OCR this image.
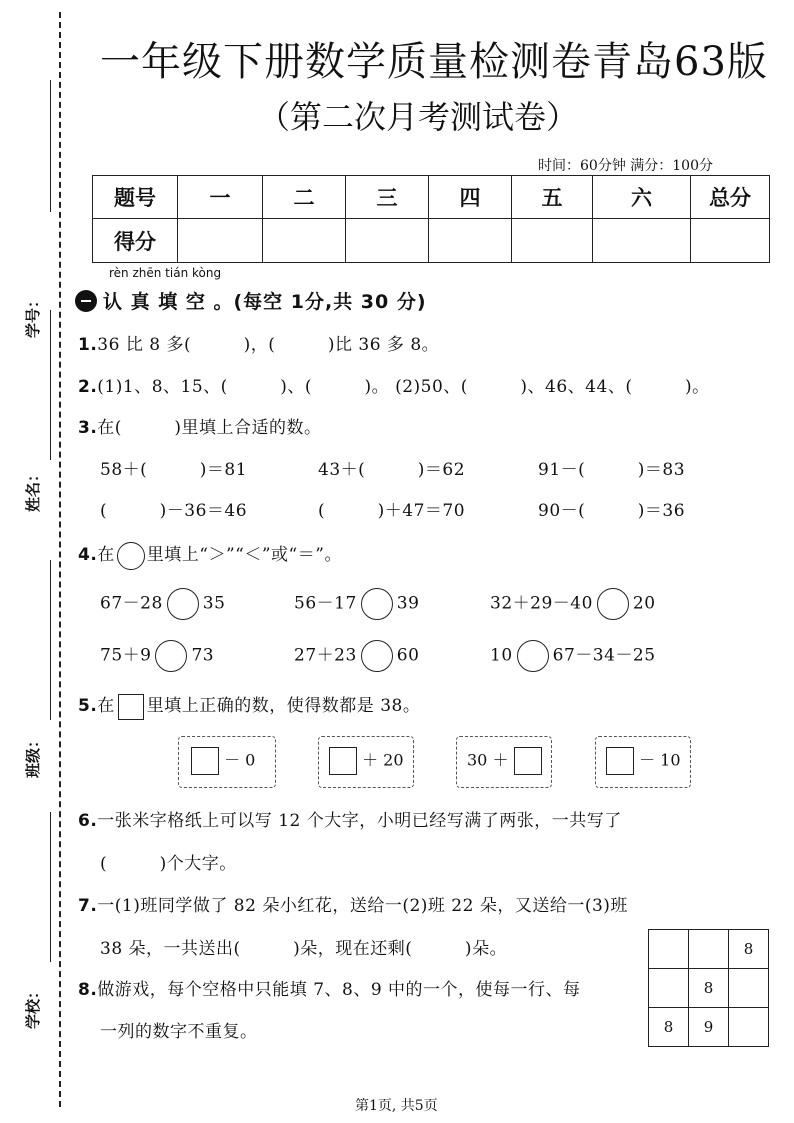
学号：
姓名：
班级：
学校：
一年级下册数学质量检测卷青岛63版
（第二次月考测试卷）
时间：60分钟 满分：100分
题号	一	二	三	四	五	六	总分
得分							
rèn zhēn tián kòng
认 真 填 空 。(每空 1分,共 30 分)
1.36 比 8 多(　　　)，(　　　)比 36 多 8。
2.(1)1、8、15、(　　　)、(　　　)。 (2)50、(　　　)、46、44、(　　　)。
3.在(　　　)里填上合适的数。
58＋(　　　)＝81	43＋(　　　)＝62	91－(　　　)＝83
(　　　)－36＝46	(　　　)＋47＝70	90－(　　　)＝36
4.在 里填上“＞”“＜”或“＝”。
67－28 35	56－17 39	32＋29－40 20
75＋9 73	27＋23 60	10 67－34－25
5.在 里填上正确的数，使得数都是 38。
－ 0	＋ 20	30 ＋	－ 10
6.一张米字格纸上可以写 12 个大字，小明已经写满了两张，一共写了
(　　　)个大字。
7.一(1)班同学做了 82 朵小红花，送给一(2)班 22 朵，又送给一(3)班
38 朵，一共送出(　　　)朵，现在还剩(　　　)朵。
8.做游戏，每个空格中只能填 7、8、9 中的一个，使每一行、每
一列的数字不重复。
		8
	8	
8	9	
第1页, 共5页
